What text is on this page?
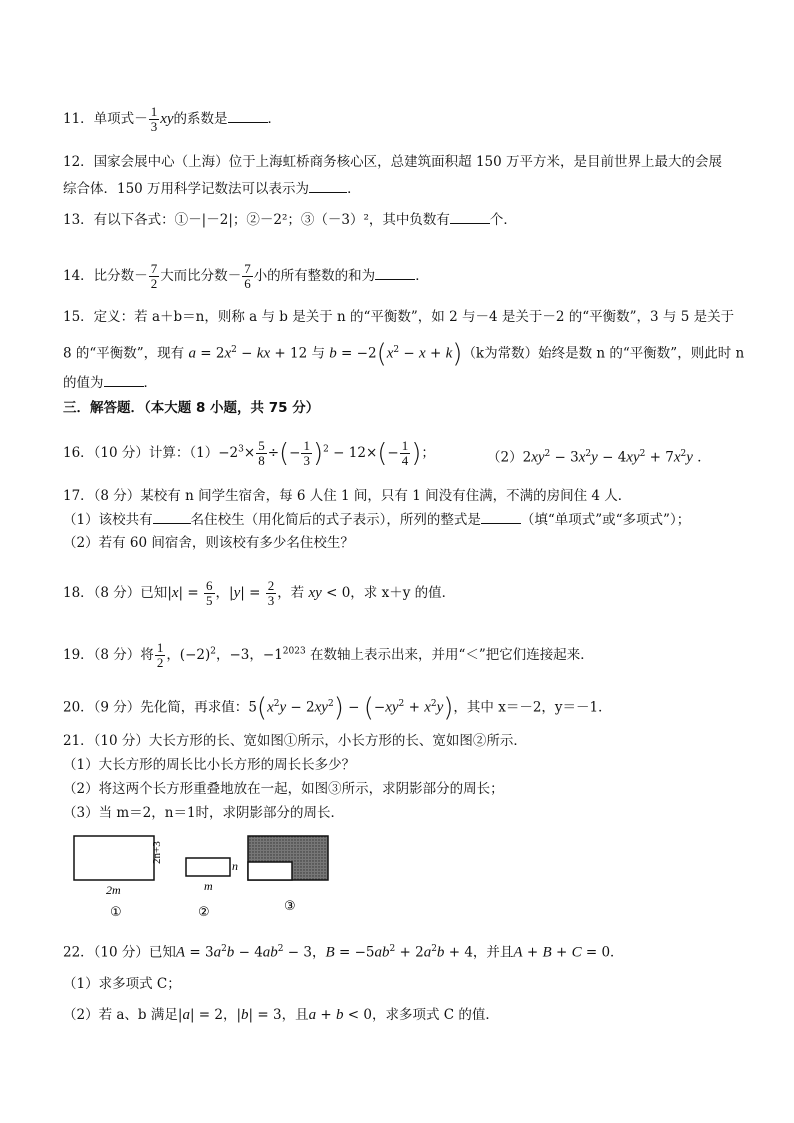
11．单项式－ $\frac{1}{3}$ xy的系数是	．
12．国家会展中心（上海）位于上海虹桥商务核心区，总建筑面积超 150 万平方米，是目前世界上最大的会展
综合体．150 万用科学记数法可以表示为	．
13．有以下各式：①－|－2|；②－2²；③（－3）²，其中负数有	个．
14．比分数－ $\frac{7}{2}$ 大而比分数－ $\frac{7}{6}$ 小的所有整数的和为	．
15．定义：若 a＋b＝n，则称 a 与 b 是关于 n 的“平衡数”，如 2 与－4 是关于－2 的“平衡数”，3 与 5 是关于
8 的“平衡数”，现有 $a = 2x^2$ − kx + 12 与 $b = -2(x^2 - x + k)(k$为常数）始终是数 n 的“平衡数”，则此时 n
的值为	．
三．解答题．（本大题 8 小题，共 75 分）
16．（10 分）计算：$(1)-2^3\times \frac{5}{8}$ ÷(− $\frac{1}{3} )^2 - 12\times(- \frac{1}{4}$ )；	$(2)2xy^2 - 3x^2y - 4xy^2 + 7x^2y$ ．
17．（8 分）某校有 n 间学生宿舍，每 6 人住 1 间，只有 1 间没有住满，不满的房间住 4 人．
（1）该校共有	名住校生（用化简后的式子表示），所列的整式是	（填“单项式”或“多项式”）；
（2）若有 60 间宿舍，则该校有多少名住校生？
18．（8 分）已知$|x| = \frac{6}{5}$ ，$|y| = \frac{2}{3}$ ，若 xy < 0，求 x＋y 的值．
19．（8 分）将 $\frac{1}{2}$ ，$(-2)^2$，−3，$-1^{2023}$ 在数轴上表示出来，并用“＜”把它们连接起来．
20．（9 分）先化简，再求值：$5(x^2y - 2xy^2) - (-xy^2 + x^2y)$，其中 x＝－2，y＝－1．
21．（10 分）大长方形的长、宽如图①所示，小长方形的长、宽如图②所示．
（1）大长方形的周长比小长方形的周长长多少？
（2）将这两个长方形重叠地放在一起，如图③所示，求阴影部分的周长；
（3）当 m＝2，n＝1时，求阴影部分的周长．
2n+3
2m
①
n
m
②	③
22．（10 分）已知$A = 3a^2b - 4ab^2 - 3$，$B = -5ab^2 + 2a^2b + 4$，并且A + B + C = 0．
（1）求多项式 C；
（2）若 a、b 满足|a| = 2，|b| = 3，且a + b < 0，求多项式 C 的值．
